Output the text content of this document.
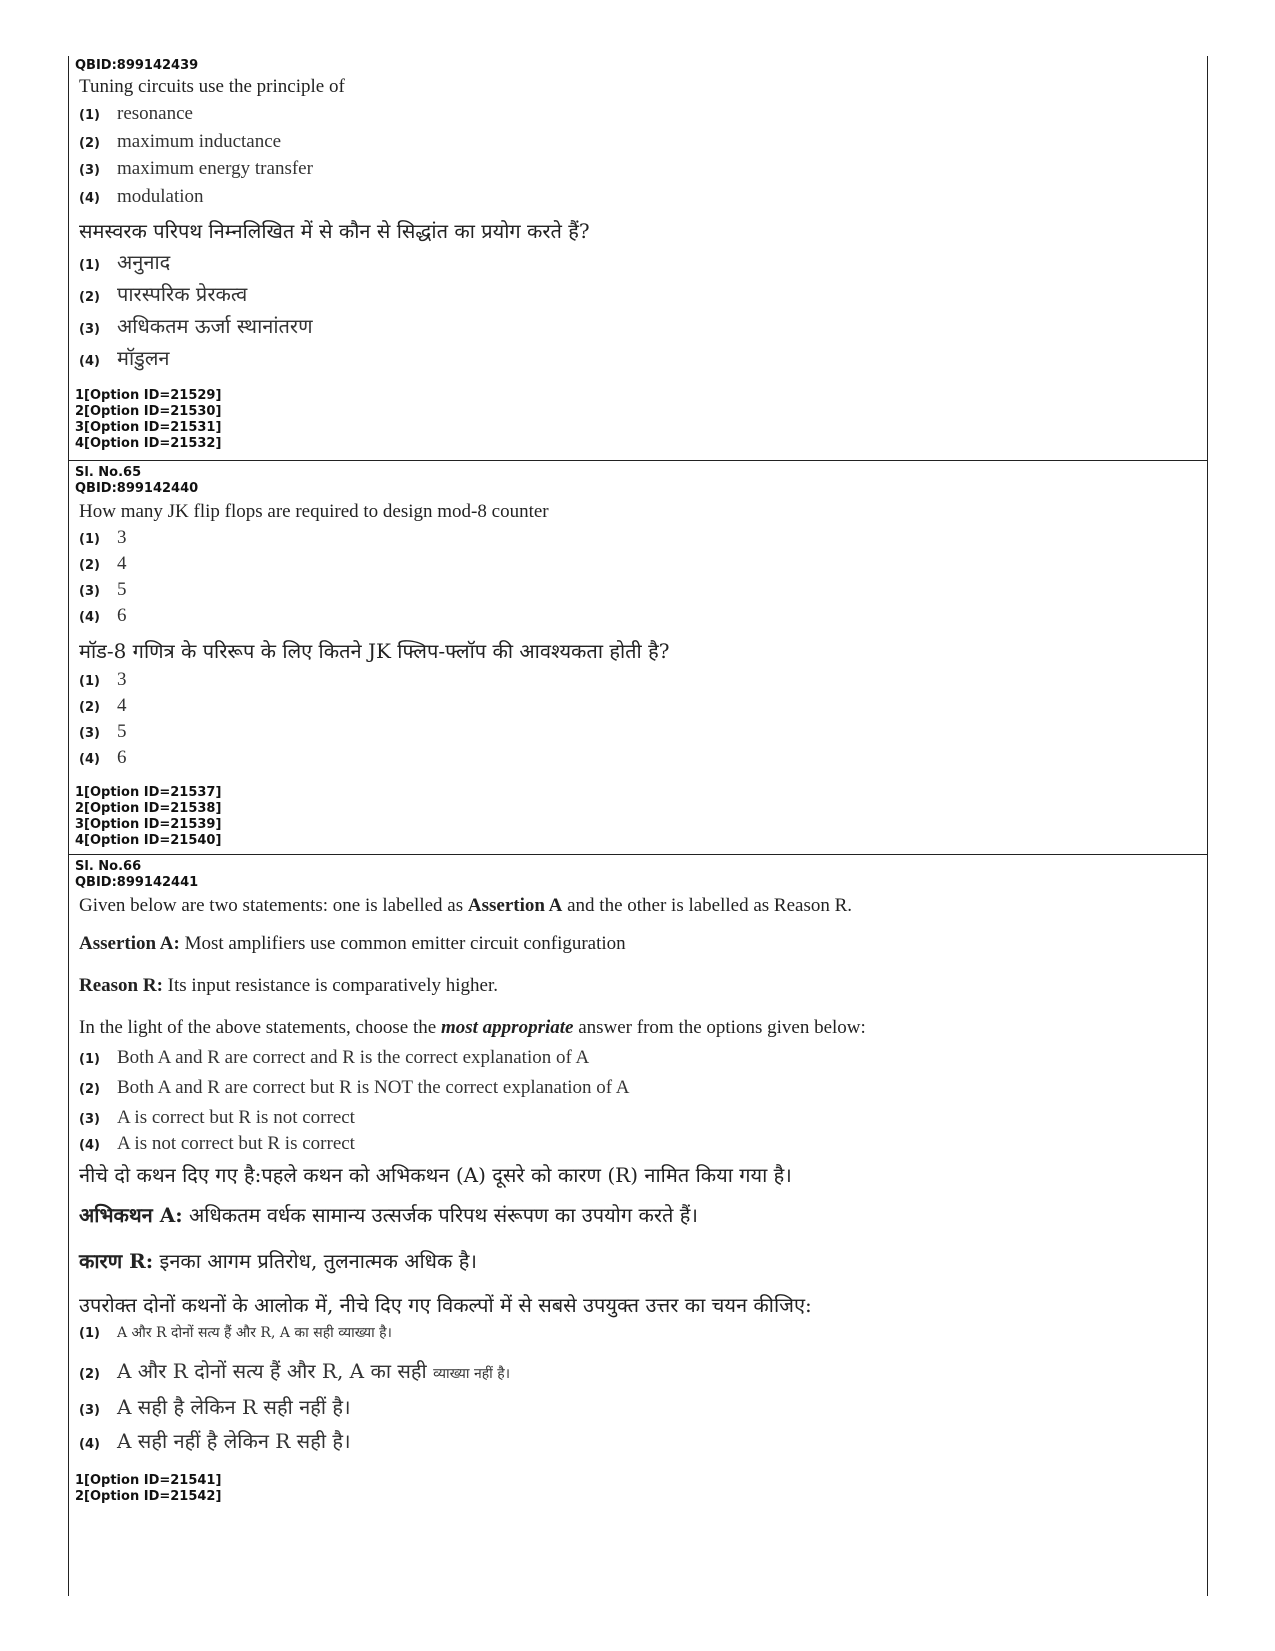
QBID:899142439
Tuning circuits use the principle of
(1) resonance
(2) maximum inductance
(3) maximum energy transfer
(4) modulation
समस्वरक परिपथ निम्नलिखित में से कौन से सिद्धांत का प्रयोग करते हैं?
(1) अनुनाद
(2) पारस्परिक प्रेरकत्व
(3) अधिकतम ऊर्जा स्थानांतरण
(4) मॉडुलन
1[Option ID=21529]
2[Option ID=21530]
3[Option ID=21531]
4[Option ID=21532]
Sl. No.65
QBID:899142440
How many JK flip flops are required to design mod-8 counter
(1) 3
(2) 4
(3) 5
(4) 6
मॉड-8 गणित्र के परिरूप के लिए कितने JK फ्लिप-फ्लॉप की आवश्यकता होती है?
(1) 3
(2) 4
(3) 5
(4) 6
1[Option ID=21537]
2[Option ID=21538]
3[Option ID=21539]
4[Option ID=21540]
Sl. No.66
QBID:899142441
Given below are two statements: one is labelled as Assertion A and the other is labelled as Reason R.
Assertion A: Most amplifiers use common emitter circuit configuration
Reason R: Its input resistance is comparatively higher.
In the light of the above statements, choose the most appropriate answer from the options given below:
(1) Both A and R are correct and R is the correct explanation of A
(2) Both A and R are correct but R is NOT the correct explanation of A
(3) A is correct but R is not correct
(4) A is not correct but R is correct
नीचे दो कथन दिए गए है:पहले कथन को अभिकथन (A) दूसरे को कारण (R) नामित किया गया है।
अभिकथन A: अधिकतम वर्धक सामान्य उत्सर्जक परिपथ संरूपण का उपयोग करते हैं।
कारण R: इनका आगम प्रतिरोध, तुलनात्मक अधिक है।
उपरोक्त दोनों कथनों के आलोक में, नीचे दिए गए विकल्पों में से सबसे उपयुक्त उत्तर का चयन कीजिए:
(1)	A और R दोनों सत्य हैं और R, A का सही व्याख्या है।
(2) A और R दोनों सत्य हैं और R, A का सही व्याख्या नहीं है।
(3) A सही है लेकिन R सही नहीं है।
(4) A सही नहीं है लेकिन R सही है।
1[Option ID=21541]
2[Option ID=21542]
